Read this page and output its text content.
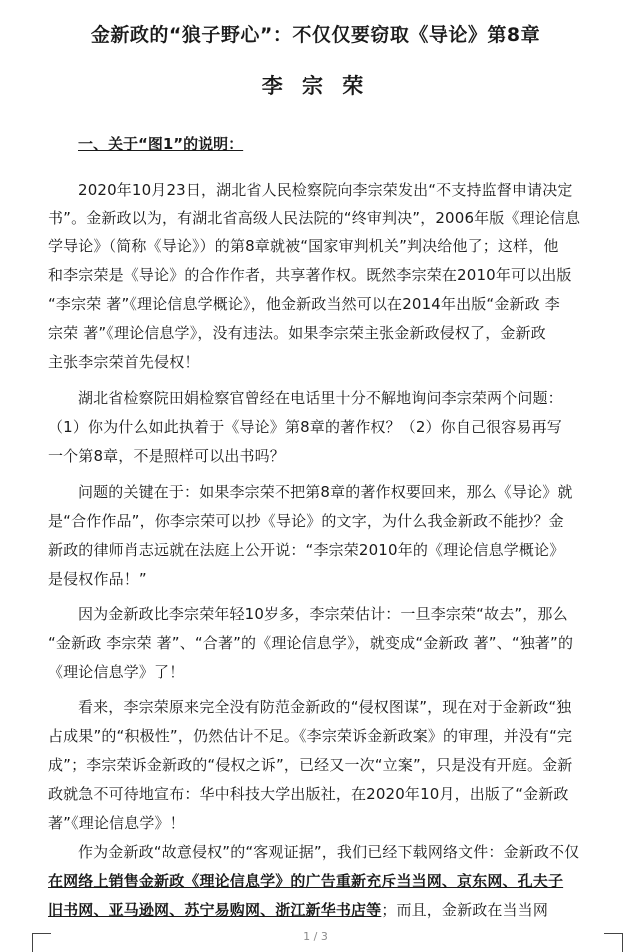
金新政的“狼子野心”：不仅仅要窃取《导论》第8章
李 宗 荣
一、关于“图1”的说明：
2020年10月23日，湖北省人民检察院向李宗荣发出“不支持监督申请决定
书”。金新政以为，有湖北省高级人民法院的“终审判决”，2006年版《理论信息
学导论》（简称《导论》）的第8章就被“国家审判机关”判决给他了；这样，他
和李宗荣是《导论》的合作作者，共享著作权。既然李宗荣在2010年可以出版
“李宗荣 著”《理论信息学概论》，他金新政当然可以在2014年出版“金新政 李
宗荣 著”《理论信息学》，没有违法。如果李宗荣主张金新政侵权了，金新政
主张李宗荣首先侵权！
湖北省检察院田娟检察官曾经在电话里十分不解地询问李宗荣两个问题：
（1）你为什么如此执着于《导论》第8章的著作权？（2）你自己很容易再写
一个第8章，不是照样可以出书吗？
问题的关键在于：如果李宗荣不把第8章的著作权要回来，那么《导论》就
是“合作作品”，你李宗荣可以抄《导论》的文字，为什么我金新政不能抄？金
新政的律师肖志远就在法庭上公开说：“李宗荣2010年的《理论信息学概论》
是侵权作品！”
因为金新政比李宗荣年轻10岁多，李宗荣估计：一旦李宗荣“故去”，那么
“金新政 李宗荣 著”、“合著”的《理论信息学》，就变成“金新政 著”、“独著”的
《理论信息学》了！
看来，李宗荣原来完全没有防范金新政的“侵权图谋”，现在对于金新政“独
占成果”的“积极性”，仍然估计不足。《李宗荣诉金新政案》的审理，并没有“完
成”；李宗荣诉金新政的“侵权之诉”，已经又一次“立案”，只是没有开庭。金新
政就急不可待地宣布：华中科技大学出版社，在2020年10月，出版了“金新政
著”《理论信息学》！
作为金新政“故意侵权”的“客观证据”，我们已经下载网络文件：金新政不仅
在网络上销售金新政《理论信息学》的广告重新充斥当当网、京东网、孔夫子
旧书网、亚马逊网、苏宁易购网、浙江新华书店等；而且，金新政在当当网
1 / 3
